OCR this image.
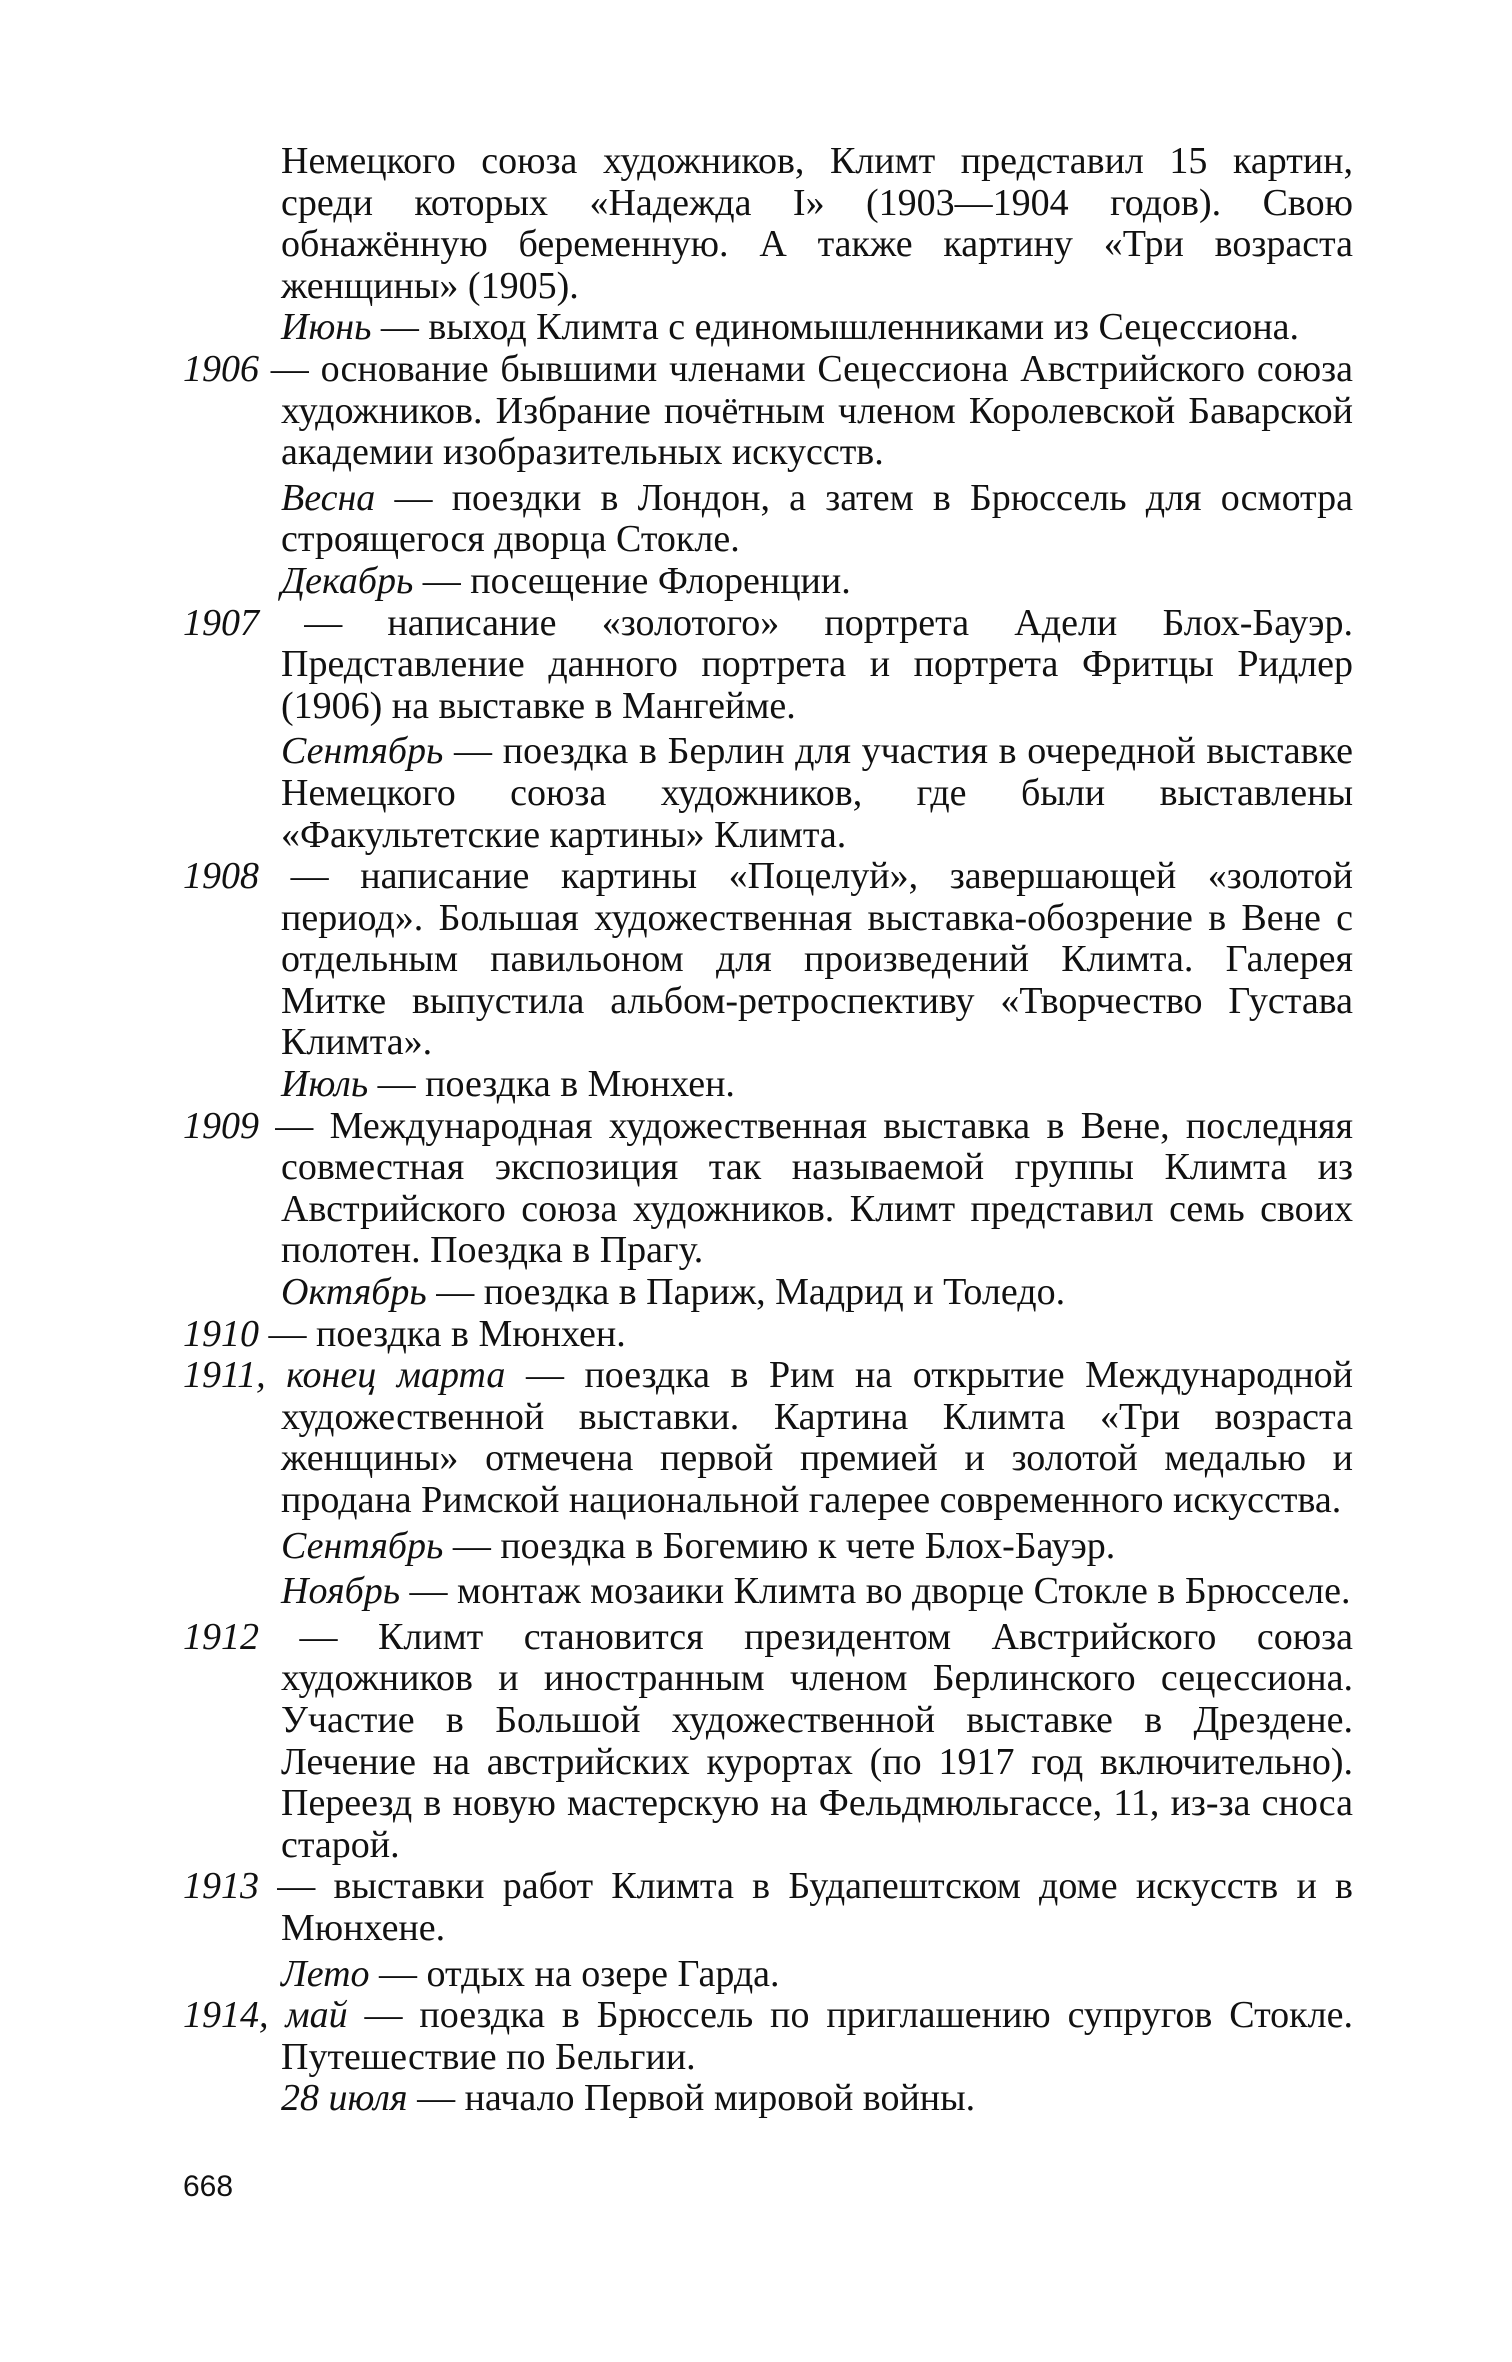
Немецкого союза художников, Климт представил 15 картин, среди которых «Надежда I» (1903—1904 годов). Свою обнажённую беременную. А также картину «Три возраста женщины» (1905).

Июнь — выход Климта с единомышленниками из Сецессиона.

1906 — основание бывшими членами Сецессиона Австрийского союза художников. Избрание почётным членом Королевской Баварской академии изобразительных искусств.

Весна — поездки в Лондон, а затем в Брюссель для осмотра строящегося дворца Стокле.

Декабрь — посещение Флоренции.

1907 — написание «золотого» портрета Адели Блох-Бауэр. Представление данного портрета и портрета Фритцы Ридлер (1906) на выставке в Мангейме.

Сентябрь — поездка в Берлин для участия в очередной выставке Немецкого союза художников, где были выставлены «Факультетские картины» Климта.

1908 — написание картины «Поцелуй», завершающей «золотой период». Большая художественная выставка-обозрение в Вене с отдельным павильоном для произведений Климта. Галерея Митке выпустила альбом-ретроспективу «Творчество Густава Климта».

Июль — поездка в Мюнхен.

1909 — Международная художественная выставка в Вене, последняя совместная экспозиция так называемой группы Климта из Австрийского союза художников. Климт представил семь своих полотен. Поездка в Прагу.

Октябрь — поездка в Париж, Мадрид и Толедо.

1910 — поездка в Мюнхен.

1911, конец марта — поездка в Рим на открытие Международной художественной выставки. Картина Климта «Три возраста женщины» отмечена первой премией и золотой медалью и продана Римской национальной галерее современного искусства.

Сентябрь — поездка в Богемию к чете Блох-Бауэр.

Ноябрь — монтаж мозаики Климта во дворце Стокле в Брюсселе.

1912 — Климт становится президентом Австрийского союза художников и иностранным членом Берлинского сецессиона. Участие в Большой художественной выставке в Дрездене. Лечение на австрийских курортах (по 1917 год включительно). Переезд в новую мастерскую на Фельдмюльгассе, 11, из-за сноса старой.

1913 — выставки работ Климта в Будапештском доме искусств и в Мюнхене.

Лето — отдых на озере Гарда.

1914, май — поездка в Брюссель по приглашению супругов Стокле. Путешествие по Бельгии.

28 июля — начало Первой мировой войны.

668
